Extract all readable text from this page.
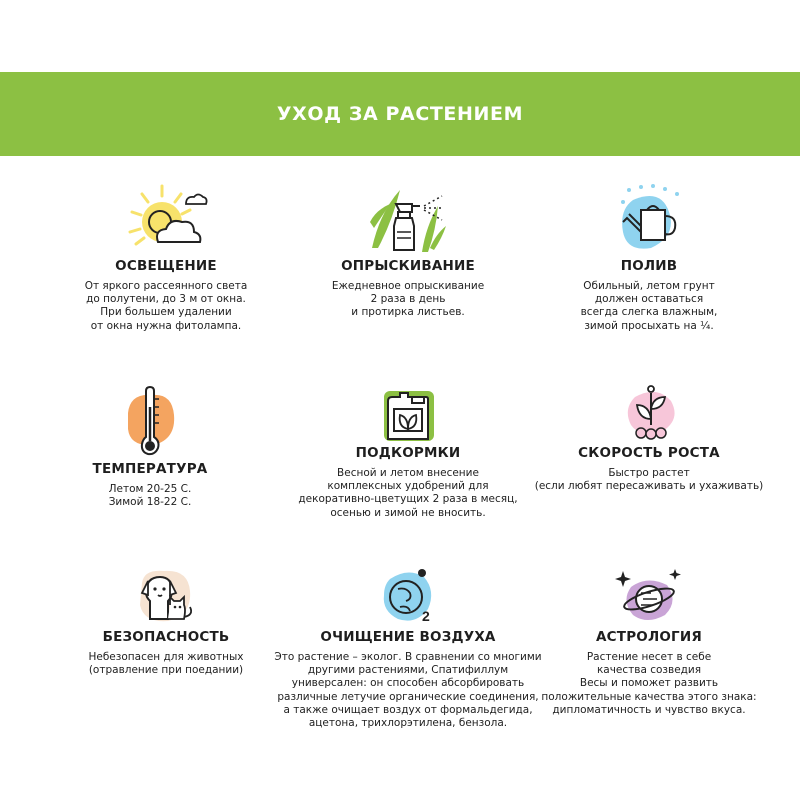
УХОД ЗА РАСТЕНИЕМ
ОСВЕЩЕНИЕ
От яркого рассеянного света
до полутени, до 3 м от окна.
При большем удалении
от окна нужна фитолампа.
ОПРЫСКИВАНИЕ
Ежедневное опрыскивание
2 раза в день
и протирка листьев.
ПОЛИВ
Обильный, летом грунт
должен оставаться
всегда слегка влажным,
зимой просыхать на ¼.
ТЕМПЕРАТУРА
Летом 20-25 С.
Зимой 18-22 С.
ПОДКОРМКИ
Весной и летом внесение
комплексных удобрений для
декоративно-цветущих 2 раза в месяц,
осенью и зимой не вносить.
СКОРОСТЬ РОСТА
Быстро растет
(если любят пересаживать и ухаживать)
БЕЗОПАСНОСТЬ
Небезопасен для животных
(отравление при поедании)
2
ОЧИЩЕНИЕ ВОЗДУХА
Это растение – эколог. В сравнении со многими
другими растениями, Спатифиллум
универсален: он способен абсорбировать
различные летучие органические соединения,
а также очищает воздух от формальдегида,
ацетона, трихлорэтилена, бензола.
АСТРОЛОГИЯ
Растение несет в себе
качества созведия
Весы и поможет развить
положительные качества этого знака:
дипломатичность и чувство вкуса.
